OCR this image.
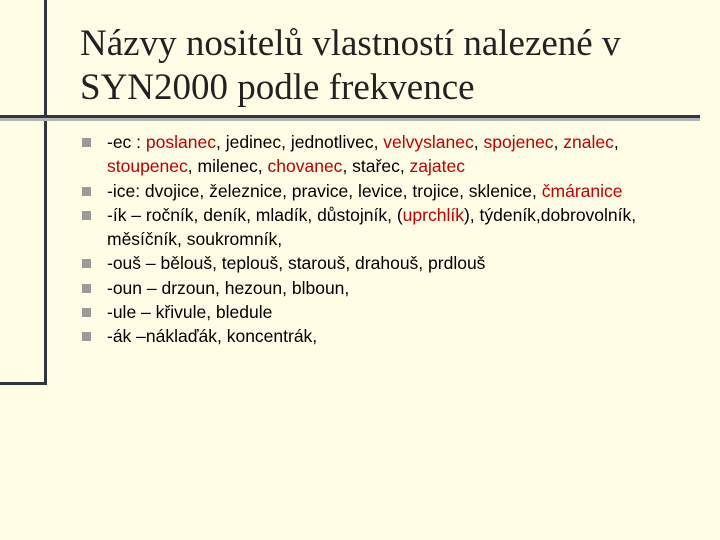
Názvy nositelů vlastností nalezené v
SYN2000 podle frekvence
-ec : poslanec, jedinec, jednotlivec, velvyslanec, spojenec, znalec, stoupenec, milenec, chovanec, stařec, zajatec
-ice: dvojice, železnice, pravice, levice, trojice, sklenice, čmáranice
-ík – ročník, deník, mladík, důstojník, (uprchlík), týdeník,dobrovolník, měsíčník, soukromník,
-ouš – bělouš, teplouš, starouš, drahouš, prdlouš
-oun – drzoun, hezoun, blboun,
-ule – křivule, bledule
-ák –náklaďák, koncentrák,
